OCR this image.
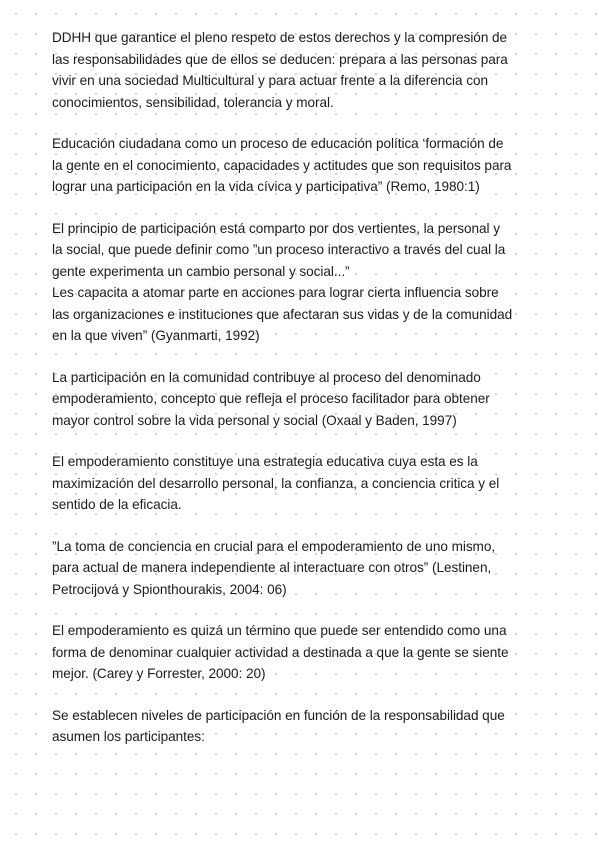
DDHH que garantice el pleno respeto de estos derechos y la compresión de
las responsabilidades que de ellos se deducen: prepara a las personas para
vivir en una sociedad Multicultural y para actuar frente a la diferencia con
conocimientos, sensibilidad, tolerancia y moral.

Educación ciudadana como un proceso de educación política ‘formación de
la gente en el conocimiento, capacidades y actitudes que son requisitos para
lograr una participación en la vida cívica y participativa” (Remo, 1980:1)

El principio de participación está comparto por dos vertientes, la personal y
la social, que puede definir como ”un proceso interactivo a través del cual la
gente experimenta un cambio personal y social...”
Les capacita a atomar parte en acciones para lograr cierta influencia sobre
las organizaciones e instituciones que afectaran sus vidas y de la comunidad
en la que viven” (Gyanmarti, 1992)

La participación en la comunidad contribuye al proceso del denominado
empoderamiento, concepto que refleja el proceso facilitador para obtener
mayor control sobre la vida personal y social (Oxaal y Baden, 1997)

El empoderamiento constituye una estrategia educativa cuya esta es la
maximización del desarrollo personal, la confianza, a conciencia critica y el
sentido de la eficacia.

”La toma de conciencia en crucial para el empoderamiento de uno mismo,
para actual de manera independiente al interactuare con otros” (Lestinen,
Petrocijová y Spionthourakis, 2004: 06)

El empoderamiento es quizá un término que puede ser entendido como una
forma de denominar cualquier actividad a destinada a que la gente se siente
mejor. (Carey y Forrester, 2000: 20)

Se establecen niveles de participación en función de la responsabilidad que
asumen los participantes:
